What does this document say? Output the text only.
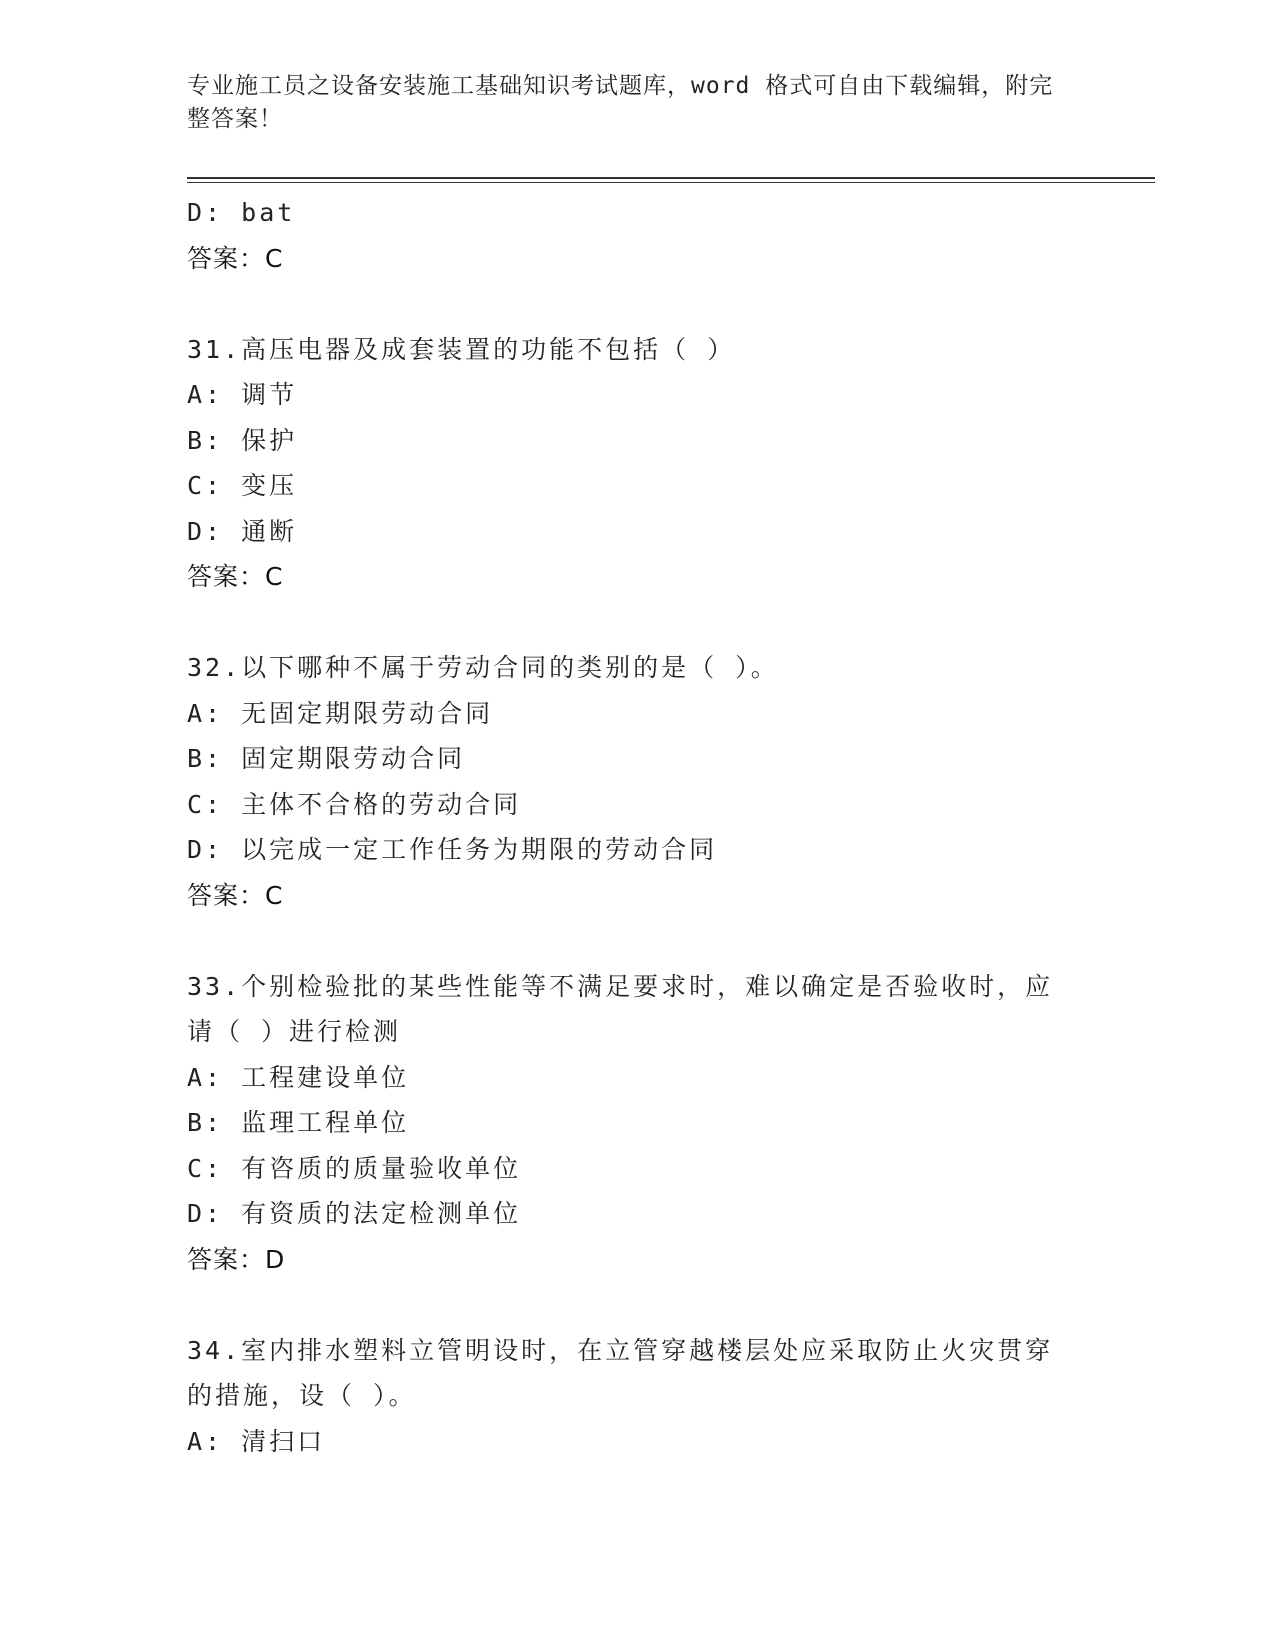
专业施工员之设备安装施工基础知识考试题库，word 格式可自由下载编辑，附完
整答案！
D: bat
答案：C
31.高压电器及成套装置的功能不包括（ ）
A: 调节
B: 保护
C: 变压
D: 通断
答案：C
32.以下哪种不属于劳动合同的类别的是（ ）。
A: 无固定期限劳动合同
B: 固定期限劳动合同
C: 主体不合格的劳动合同
D: 以完成一定工作任务为期限的劳动合同
答案：C
33.个别检验批的某些性能等不满足要求时，难以确定是否验收时，应
请（ ）进行检测
A: 工程建设单位
B: 监理工程单位
C: 有咨质的质量验收单位
D: 有资质的法定检测单位
答案：D
34.室内排水塑料立管明设时，在立管穿越楼层处应采取防止火灾贯穿
的措施，设（ ）。
A: 清扫口
